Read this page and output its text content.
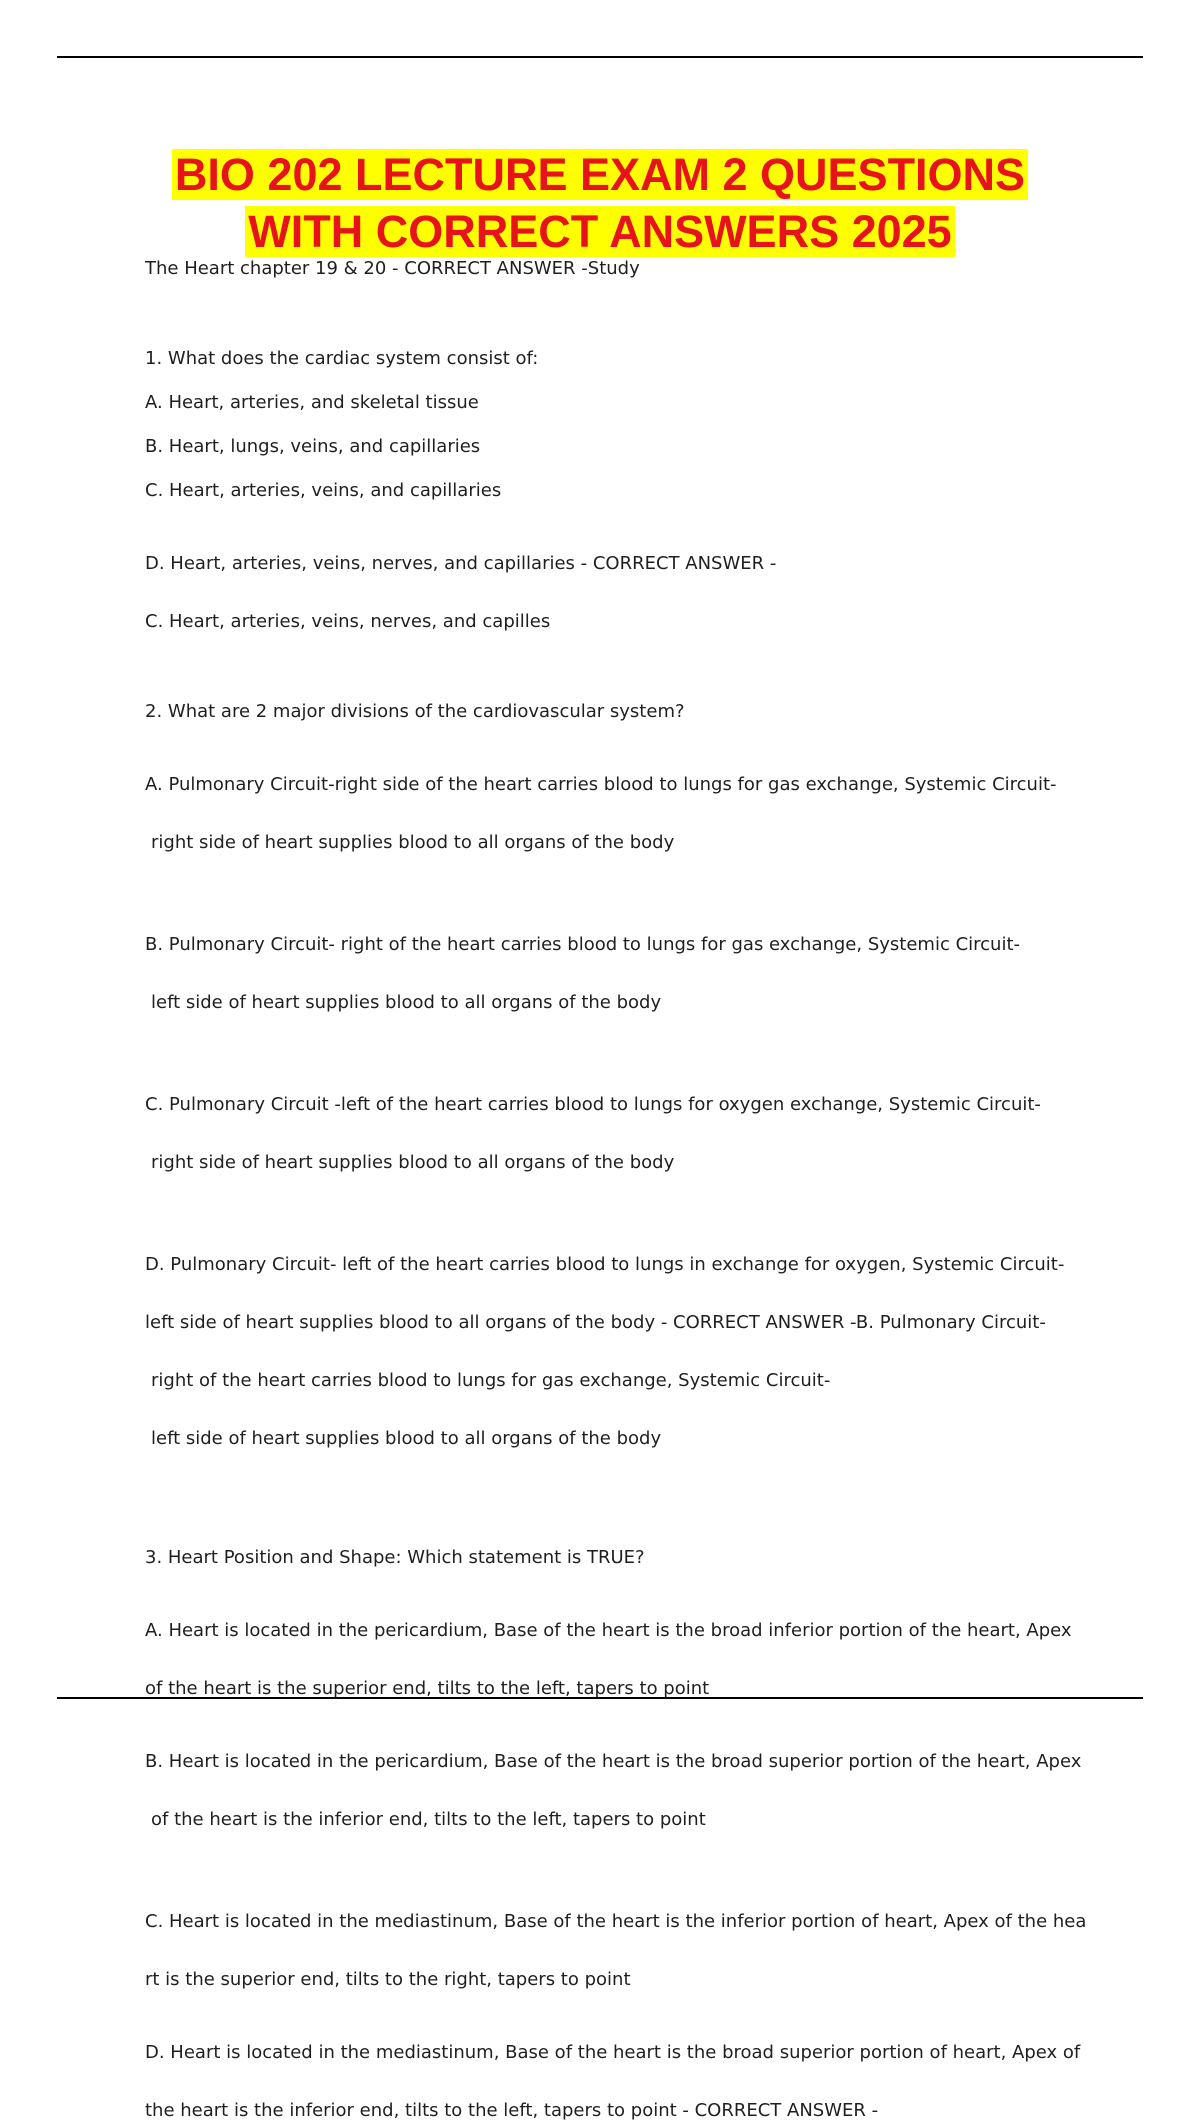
BIO 202 LECTURE EXAM 2 QUESTIONS
WITH CORRECT ANSWERS 2025

The Heart chapter 19 & 20 - CORRECT ANSWER -Study

1. What does the cardiac system consist of:

A. Heart, arteries, and skeletal tissue

B. Heart, lungs, veins, and capillaries

C. Heart, arteries, veins, and capillaries

D. Heart, arteries, veins, nerves, and capillaries - CORRECT ANSWER -

C. Heart, arteries, veins, nerves, and capilles

2. What are 2 major divisions of the cardiovascular system?

A. Pulmonary Circuit-right side of the heart carries blood to lungs for gas exchange, Systemic Circuit-

right side of heart supplies blood to all organs of the body

B. Pulmonary Circuit- right of the heart carries blood to lungs for gas exchange, Systemic Circuit-

left side of heart supplies blood to all organs of the body

C. Pulmonary Circuit -left of the heart carries blood to lungs for oxygen exchange, Systemic Circuit-

right side of heart supplies blood to all organs of the body

D. Pulmonary Circuit- left of the heart carries blood to lungs in exchange for oxygen, Systemic Circuit-

left side of heart supplies blood to all organs of the body - CORRECT ANSWER -B. Pulmonary Circuit-

right of the heart carries blood to lungs for gas exchange, Systemic Circuit-

left side of heart supplies blood to all organs of the body

3. Heart Position and Shape: Which statement is TRUE?

A. Heart is located in the pericardium, Base of the heart is the broad inferior portion of the heart, Apex

of the heart is the superior end, tilts to the left, tapers to point

B. Heart is located in the pericardium, Base of the heart is the broad superior portion of the heart, Apex

of the heart is the inferior end, tilts to the left, tapers to point

C. Heart is located in the mediastinum, Base of the heart is the inferior portion of heart, Apex of the hea

rt is the superior end, tilts to the right, tapers to point

D. Heart is located in the mediastinum, Base of the heart is the broad superior portion of heart, Apex of

the heart is the inferior end, tilts to the left, tapers to point - CORRECT ANSWER -
